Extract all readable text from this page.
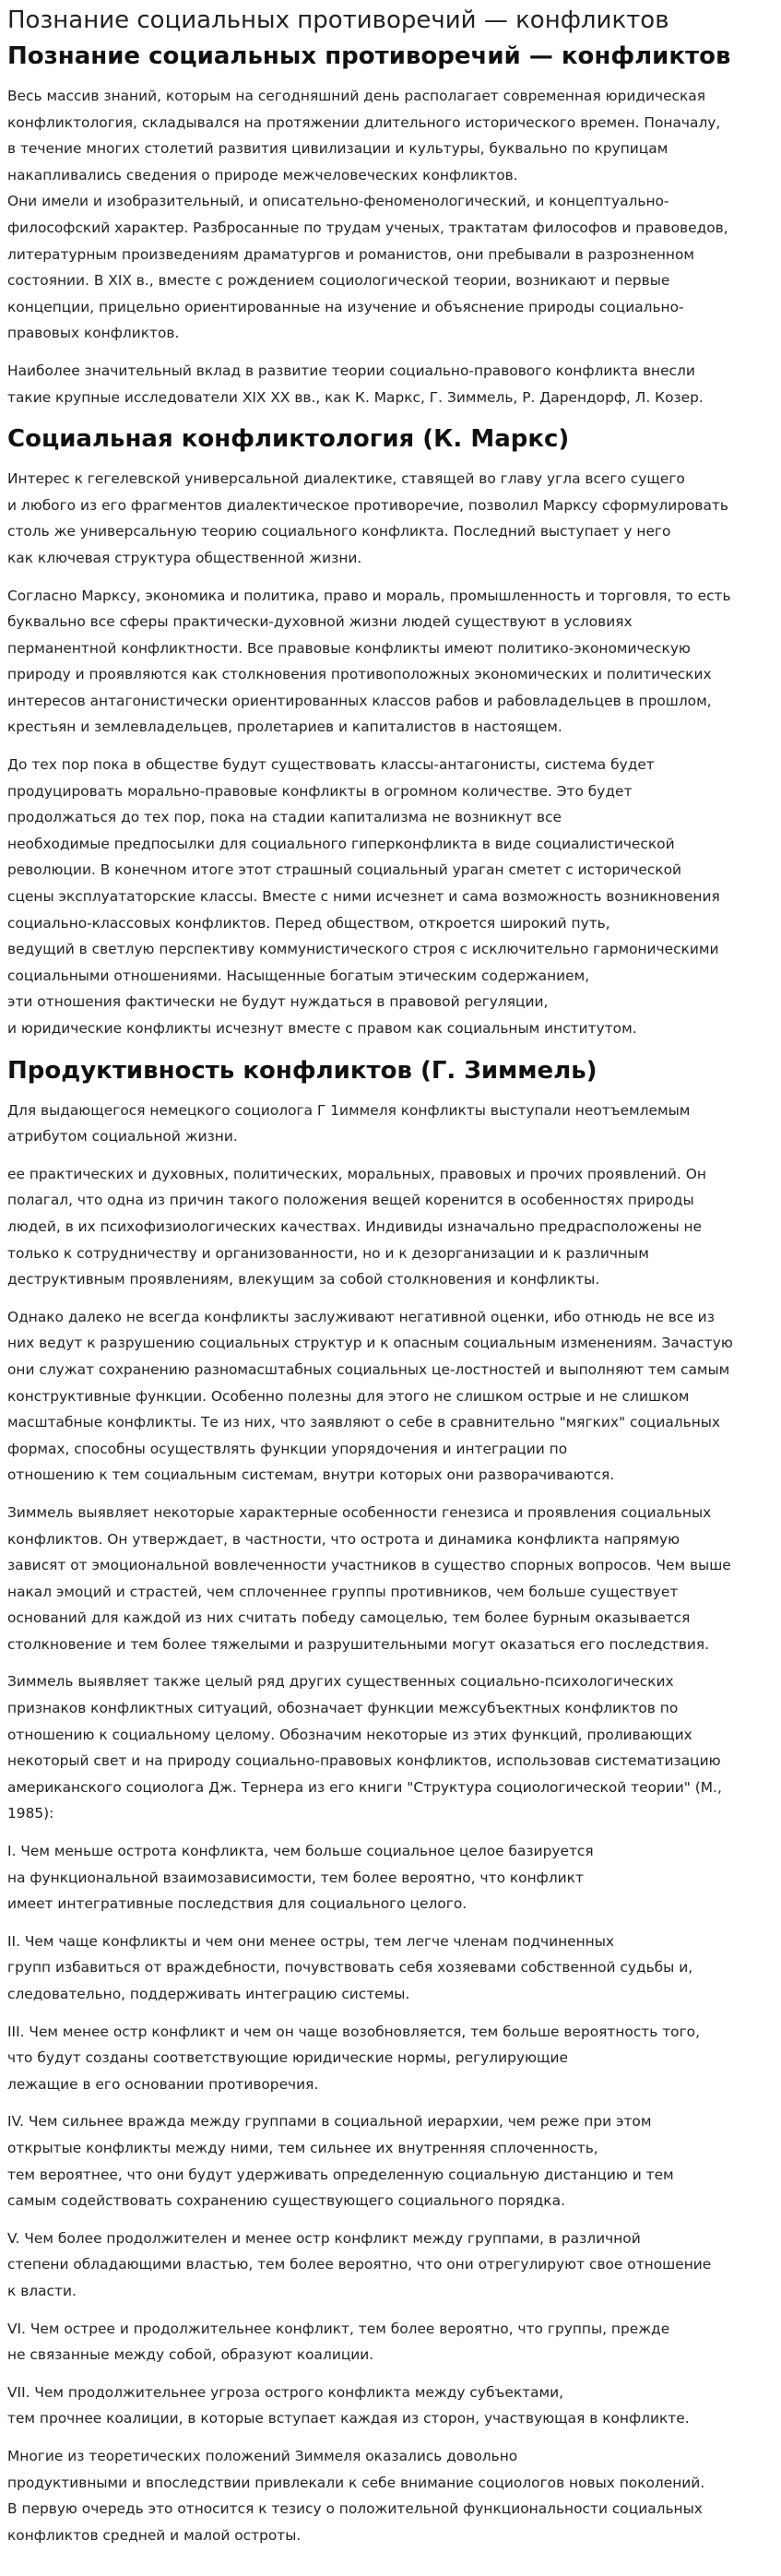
Познание социальных противоречий — конфликтов
Познание социальных противоречий — конфликтов

Весь массив знаний, которым на сегодняшний день располагает современная юридическая
конфликтология, складывался на протяжении длительного исторического времен. Поначалу,
в течение многих столетий развития цивилизации и культуры, буквально по крупицам
накапливались сведения о природе межчеловеческих конфликтов.
Они имели и изобразительный, и описательно-феноменологический, и концептуально-
философский характер. Разбросанные по трудам ученых, трактатам философов и правоведов,
литературным произведениям драматургов и романистов, они пребывали в разрозненном
состоянии. В XIX в., вместе с рождением социологической теории, возникают и первые
концепции, прицельно ориентированные на изучение и объяснение природы социально-
правовых конфликтов.

Наиболее значительный вклад в развитие теории социально-правового конфликта внесли
такие крупные исследователи XIX XX вв., как К. Маркс, Г. Зиммель, Р. Дарендорф, Л. Козер.

Социальная конфликтология (К. Маркс)

Интерес к гегелевской универсальной диалектике, ставящей во главу угла всего сущего
и любого из его фрагментов диалектическое противоречие, позволил Марксу сформулировать
столь же универсальную теорию социального конфликта. Последний выступает у него
как ключевая структура общественной жизни.

Согласно Марксу, экономика и политика, право и мораль, промышленность и торговля, то есть
буквально все сферы практически-духовной жизни людей существуют в условиях
перманентной конфликтности. Все правовые конфликты имеют политико-экономическую
природу и проявляются как столкновения противоположных экономических и политических
интересов антагонистически ориентированных классов рабов и рабовладельцев в прошлом,
крестьян и землевладельцев, пролетариев и капиталистов в настоящем.

До тех пор пока в обществе будут существовать классы-антагонисты, система будет
продуцировать морально-правовые конфликты в огромном количестве. Это будет
продолжаться до тех пор, пока на стадии капитализма не возникнут все
необходимые предпосылки для социального гиперконфликта в виде социалистической
революции. В конечном итоге этот страшный социальный ураган сметет с исторической
сцены эксплуататорские классы. Вместе с ними исчезнет и сама возможность возникновения
социально-классовых конфликтов. Перед обществом, откроется широкий путь,
ведущий в светлую перспективу коммунистического строя с исключительно гармоническими
социальными отношениями. Насыщенные богатым этическим содержанием,
эти отношения фактически не будут нуждаться в правовой регуляции,
и юридические конфликты исчезнут вместе с правом как социальным институтом.

Продуктивность конфликтов (Г. Зиммель)

Для выдающегося немецкого социолога Г 1иммеля конфликты выступали неотъемлемым
атрибутом социальной жизни.

ее практических и духовных, политических, моральных, правовых и прочих проявлений. Он
полагал, что одна из причин такого положения вещей коренится в особенностях природы
людей, в их психофизиологических качествах. Индивиды изначально предрасположены не
только к сотрудничеству и организованности, но и к дезорганизации и к различным
деструктивным проявлениям, влекущим за собой столкновения и конфликты.

Однако далеко не всегда конфликты заслуживают негативной оценки, ибо отнюдь не все из
них ведут к разрушению социальных структур и к опасным социальным изменениям. Зачастую
они служат сохранению разномасштабных социальных це-лостностей и выполняют тем самым
конструктивные функции. Особенно полезны для этого не слишком острые и не слишком
масштабные конфликты. Те из них, что заявляют о себе в сравнительно "мягких" социальных
формах, способны осуществлять функции упорядочения и интеграции по
отношению к тем социальным системам, внутри которых они разворачиваются.

Зиммель выявляет некоторые характерные особенности генезиса и проявления социальных
конфликтов. Он утверждает, в частности, что острота и динамика конфликта напрямую
зависят от эмоциональной вовлеченности участников в существо спорных вопросов. Чем выше
накал эмоций и страстей, чем сплоченнее группы противников, чем больше существует
оснований для каждой из них считать победу самоцелью, тем более бурным оказывается
столкновение и тем более тяжелыми и разрушительными могут оказаться его последствия.

Зиммель выявляет также целый ряд других существенных социально-психологических
признаков конфликтных ситуаций, обозначает функции межсубъектных конфликтов по
отношению к социальному целому. Обозначим некоторые из этих функций, проливающих
некоторый свет и на природу социально-правовых конфликтов, использовав систематизацию
американского социолога Дж. Тернера из его книги "Структура социологической теории" (М.,
1985):

I. Чем меньше острота конфликта, чем больше социальное целое базируется
на функциональной взаимозависимости, тем более вероятно, что конфликт
имеет интегративные последствия для социального целого.

II. Чем чаще конфликты и чем они менее остры, тем легче членам подчиненных
групп избавиться от враждебности, почувствовать себя хозяевами собственной судьбы и,
следовательно, поддерживать интеграцию системы.

III. Чем менее остр конфликт и чем он чаще возобновляется, тем больше вероятность того,
что будут созданы соответствующие юридические нормы, регулирующие
лежащие в его основании противоречия.

IV. Чем сильнее вражда между группами в социальной иерархии, чем реже при этом
открытые конфликты между ними, тем сильнее их внутренняя сплоченность,
тем вероятнее, что они будут удерживать определенную социальную дистанцию и тем
самым содействовать сохранению существующего социального порядка.

V. Чем более продолжителен и менее остр конфликт между группами, в различной
степени обладающими властью, тем более вероятно, что они отрегулируют свое отношение
к власти.

VI. Чем острее и продолжительнее конфликт, тем более вероятно, что группы, прежде
не связанные между собой, образуют коалиции.

VII. Чем продолжительнее угроза острого конфликта между субъектами,
тем прочнее коалиции, в которые вступает каждая из сторон, участвующая в конфликте.

Многие из теоретических положений Зиммеля оказались довольно
продуктивными и впоследствии привлекали к себе внимание социологов новых поколений.
В первую очередь это относится к тезису о положительной функциональности социальных
конфликтов средней и малой остроты.
